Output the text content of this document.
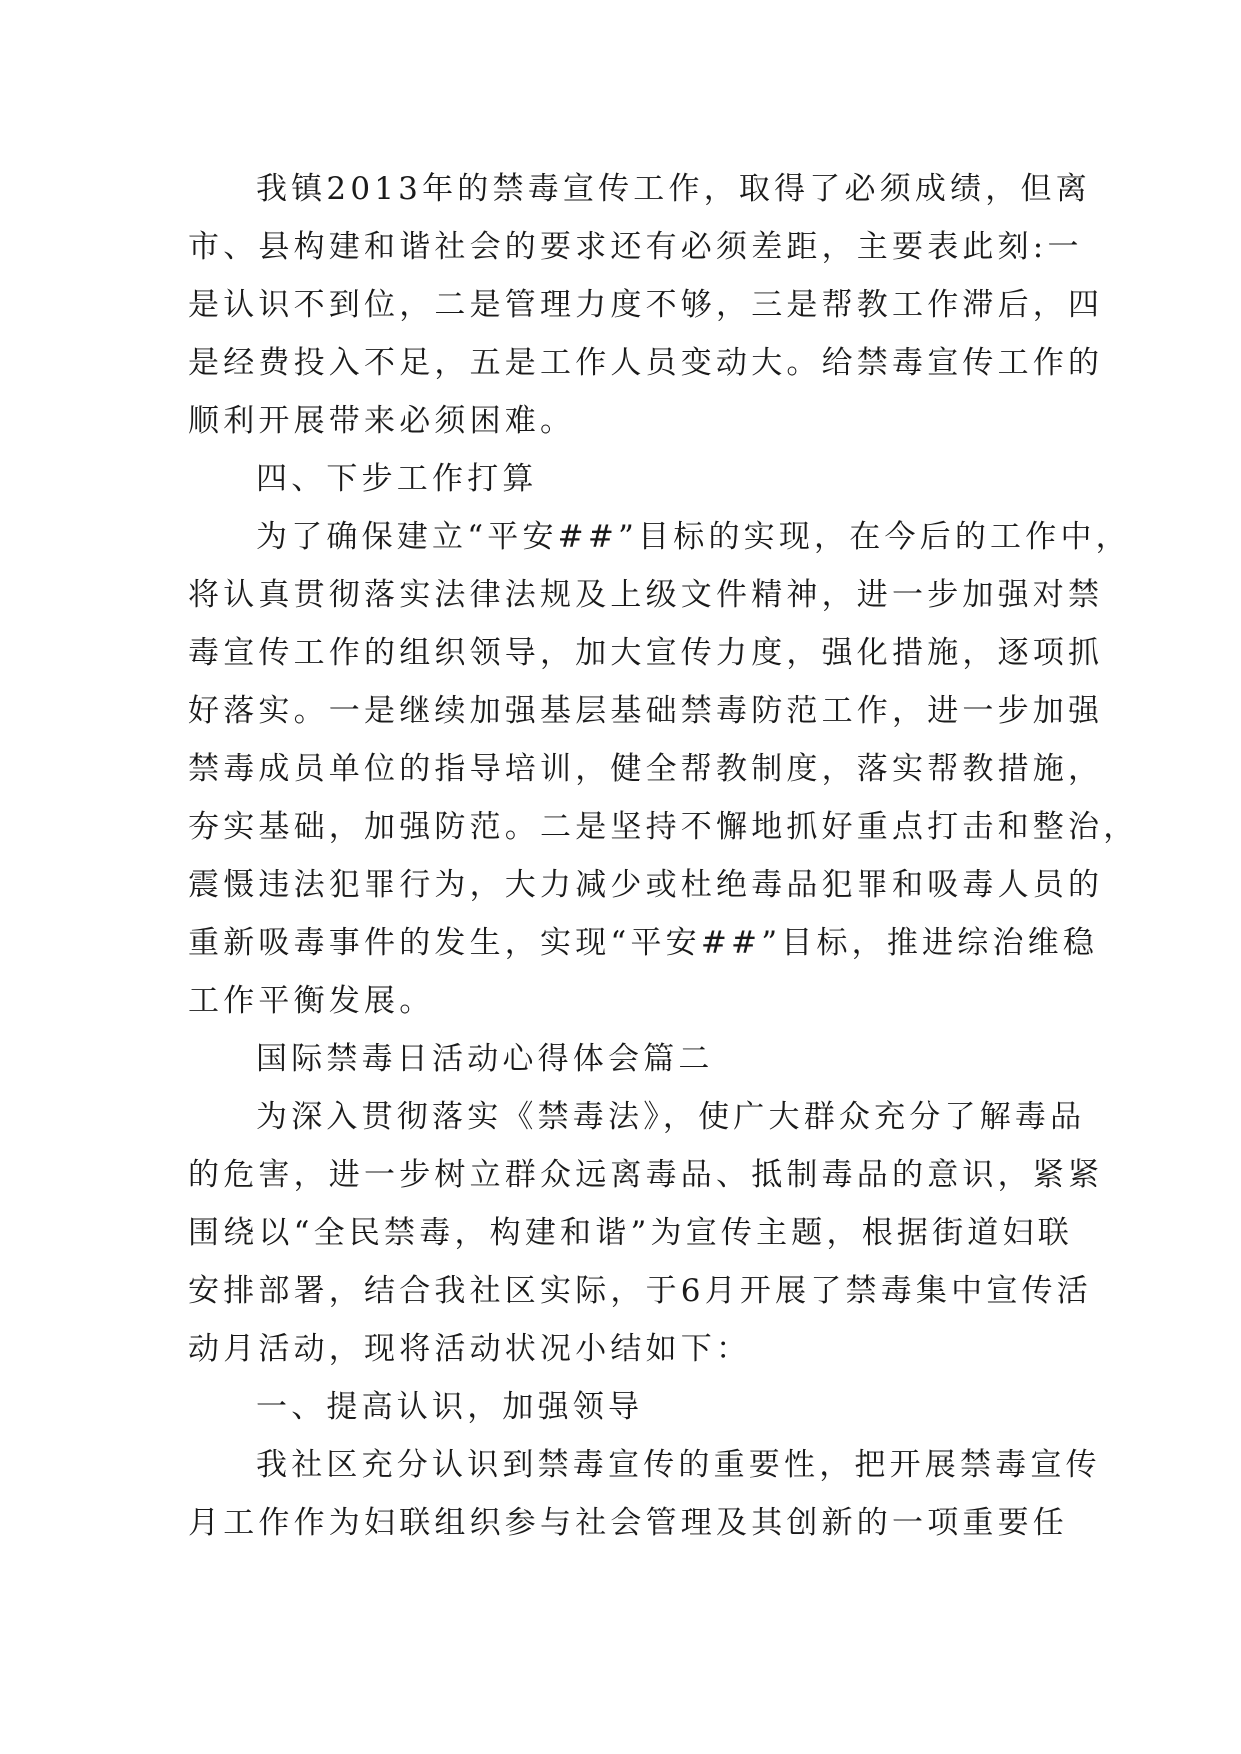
我镇2013年的禁毒宣传工作，取得了必须成绩，但离
市、县构建和谐社会的要求还有必须差距，主要表此刻:一
是认识不到位，二是管理力度不够，三是帮教工作滞后，四
是经费投入不足，五是工作人员变动大。给禁毒宣传工作的
顺利开展带来必须困难。
四、下步工作打算
为了确保建立“平安##”目标的实现，在今后的工作中，
将认真贯彻落实法律法规及上级文件精神，进一步加强对禁
毒宣传工作的组织领导，加大宣传力度，强化措施，逐项抓
好落实。一是继续加强基层基础禁毒防范工作，进一步加强
禁毒成员单位的指导培训，健全帮教制度，落实帮教措施，
夯实基础，加强防范。二是坚持不懈地抓好重点打击和整治，
震慑违法犯罪行为，大力减少或杜绝毒品犯罪和吸毒人员的
重新吸毒事件的发生，实现“平安##”目标，推进综治维稳
工作平衡发展。
国际禁毒日活动心得体会篇二
为深入贯彻落实《禁毒法》，使广大群众充分了解毒品
的危害，进一步树立群众远离毒品、抵制毒品的意识，紧紧
围绕以“全民禁毒，构建和谐”为宣传主题，根据街道妇联
安排部署，结合我社区实际，于6月开展了禁毒集中宣传活
动月活动，现将活动状况小结如下：
一、提高认识，加强领导
我社区充分认识到禁毒宣传的重要性，把开展禁毒宣传
月工作作为妇联组织参与社会管理及其创新的一项重要任
